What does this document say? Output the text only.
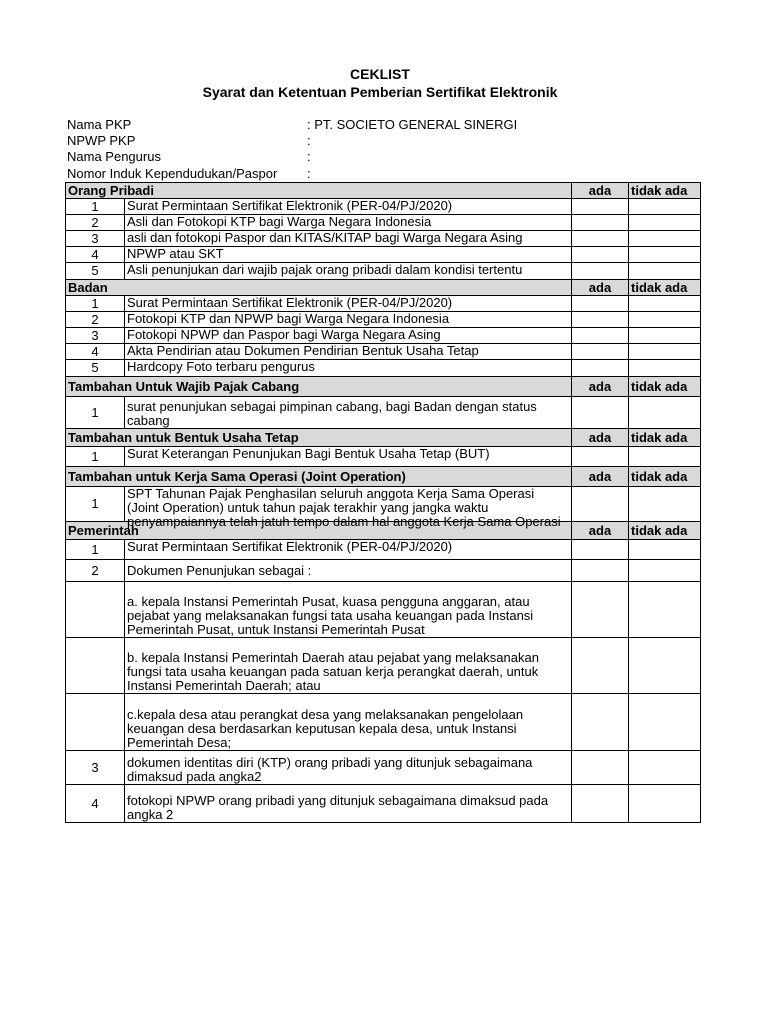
CEKLIST
Syarat dan Ketentuan Pemberian Sertifikat Elektronik
Nama PKP	: PT. SOCIETO GENERAL SINERGI
NPWP PKP	:
Nama Pengurus	:
Nomor Induk Kependudukan/Paspor	:
Orang Pribadi		ada	tidak ada
1	Surat Permintaan Sertifikat Elektronik (PER-04/PJ/2020)		
2	Asli dan Fotokopi KTP bagi Warga Negara Indonesia		
3	asli dan fotokopi Paspor dan KITAS/KITAP bagi Warga Negara Asing		
4	NPWP atau SKT		
5	Asli penunjukan dari wajib pajak orang pribadi dalam kondisi tertentu		
Badan		ada	tidak ada
1	Surat Permintaan Sertifikat Elektronik (PER-04/PJ/2020)		
2	Fotokopi KTP dan NPWP bagi Warga Negara Indonesia		
3	Fotokopi NPWP dan Paspor bagi Warga Negara Asing		
4	Akta Pendirian atau Dokumen Pendirian Bentuk Usaha Tetap		
5	Hardcopy Foto terbaru pengurus		
Tambahan Untuk Wajib Pajak Cabang		ada	tidak ada
1	surat penunjukan sebagai pimpinan cabang, bagi Badan dengan status cabang		
Tambahan untuk Bentuk Usaha Tetap		ada	tidak ada
1	Surat Keterangan Penunjukan Bagi Bentuk Usaha Tetap (BUT)		
Tambahan untuk Kerja Sama Operasi (Joint Operation)		ada	tidak ada
1	SPT Tahunan Pajak Penghasilan seluruh anggota Kerja Sama Operasi (Joint Operation) untuk tahun pajak terakhir yang jangka waktu penyampaiannya telah jatuh tempo dalam hal anggota Kerja Sama Operasi		

Pemerintah		ada	tidak ada
1	Surat Permintaan Sertifikat Elektronik (PER-04/PJ/2020)		
2	Dokumen Penunjukan sebagai :		
	a. kepala Instansi Pemerintah Pusat, kuasa pengguna anggaran, atau pejabat yang melaksanakan fungsi tata usaha keuangan pada Instansi Pemerintah Pusat, untuk Instansi Pemerintah Pusat		
	b. kepala Instansi Pemerintah Daerah atau pejabat yang melaksanakan fungsi tata usaha keuangan pada satuan kerja perangkat daerah, untuk Instansi Pemerintah Daerah; atau		
	c.kepala desa atau perangkat desa yang melaksanakan pengelolaan keuangan desa berdasarkan keputusan kepala desa, untuk Instansi Pemerintah Desa;		
3	dokumen identitas diri (KTP) orang pribadi yang ditunjuk sebagaimana dimaksud pada angka2		
4	fotokopi NPWP orang pribadi yang ditunjuk sebagaimana dimaksud pada angka 2		
